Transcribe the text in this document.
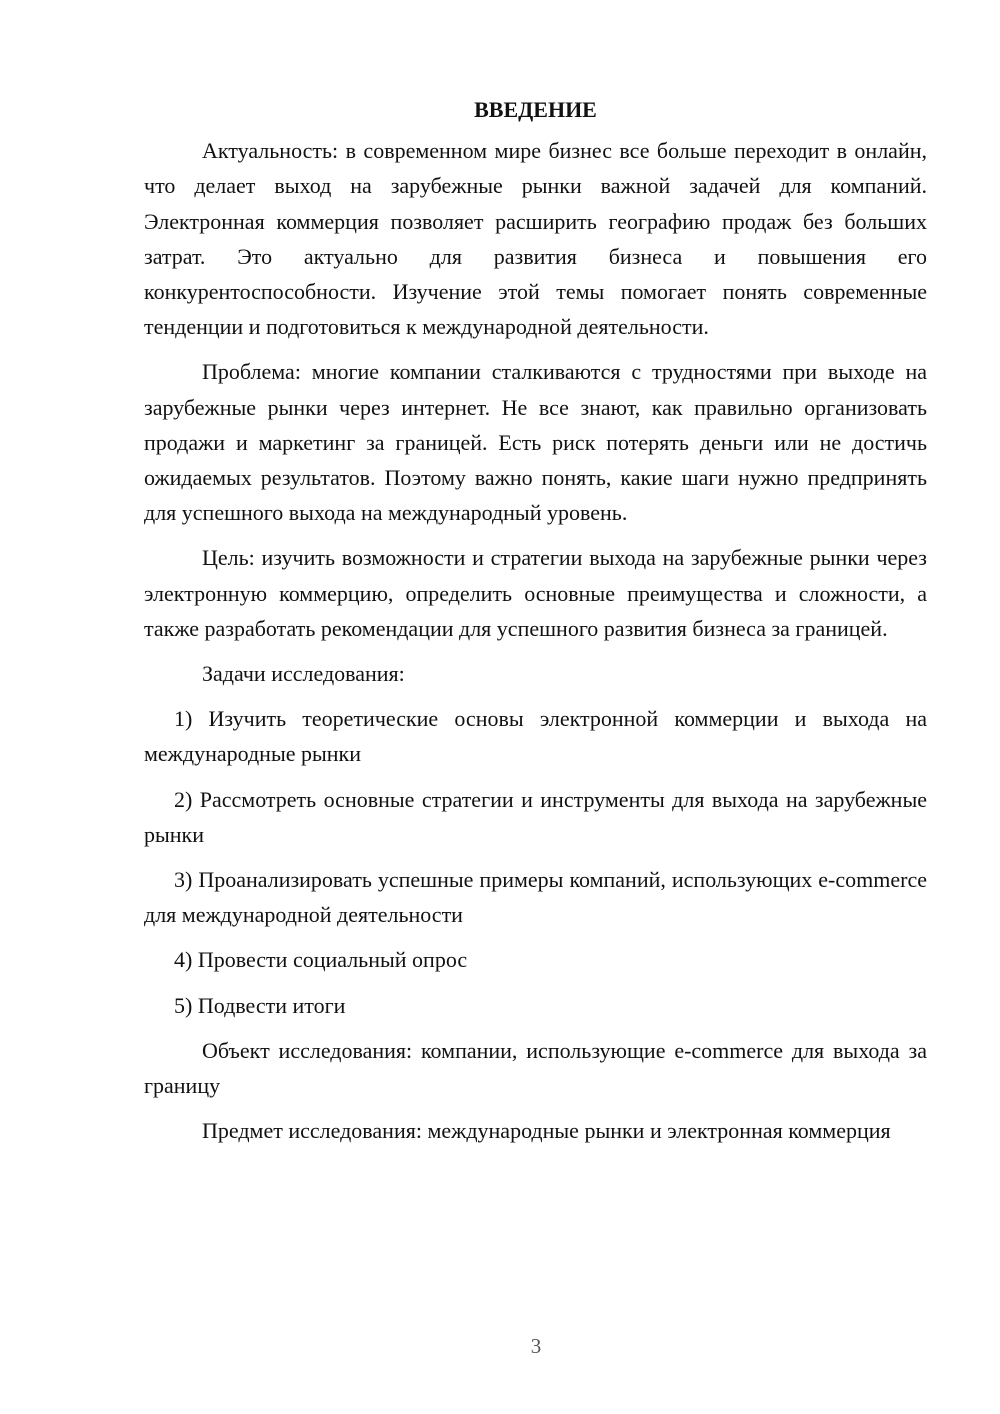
ВВЕДЕНИЕ

Актуальность: в современном мире бизнес все больше переходит в онлайн, что делает выход на зарубежные рынки важной задачей для компаний. Электронная коммерция позволяет расширить географию продаж без больших затрат. Это актуально для развития бизнеса и повышения его конкурентоспособности. Изучение этой темы помогает понять современные тенденции и подготовиться к международной деятельности.

Проблема: многие компании сталкиваются с трудностями при выходе на зарубежные рынки через интернет. Не все знают, как правильно организовать продажи и маркетинг за границей. Есть риск потерять деньги или не достичь ожидаемых результатов. Поэтому важно понять, какие шаги нужно предпринять для успешного выхода на международный уровень.

Цель: изучить возможности и стратегии выхода на зарубежные рынки через электронную коммерцию, определить основные преимущества и сложности, а также разработать рекомендации для успешного развития бизнеса за границей.

Задачи исследования:

1) Изучить теоретические основы электронной коммерции и выхода на международные рынки

2) Рассмотреть основные стратегии и инструменты для выхода на зарубежные рынки

3) Проанализировать успешные примеры компаний, использующих e-commerce для международной деятельности

4) Провести социальный опрос

5) Подвести итоги

Объект исследования: компании, использующие e-commerce для выхода за границу

Предмет исследования: международные рынки и электронная коммерция

3
